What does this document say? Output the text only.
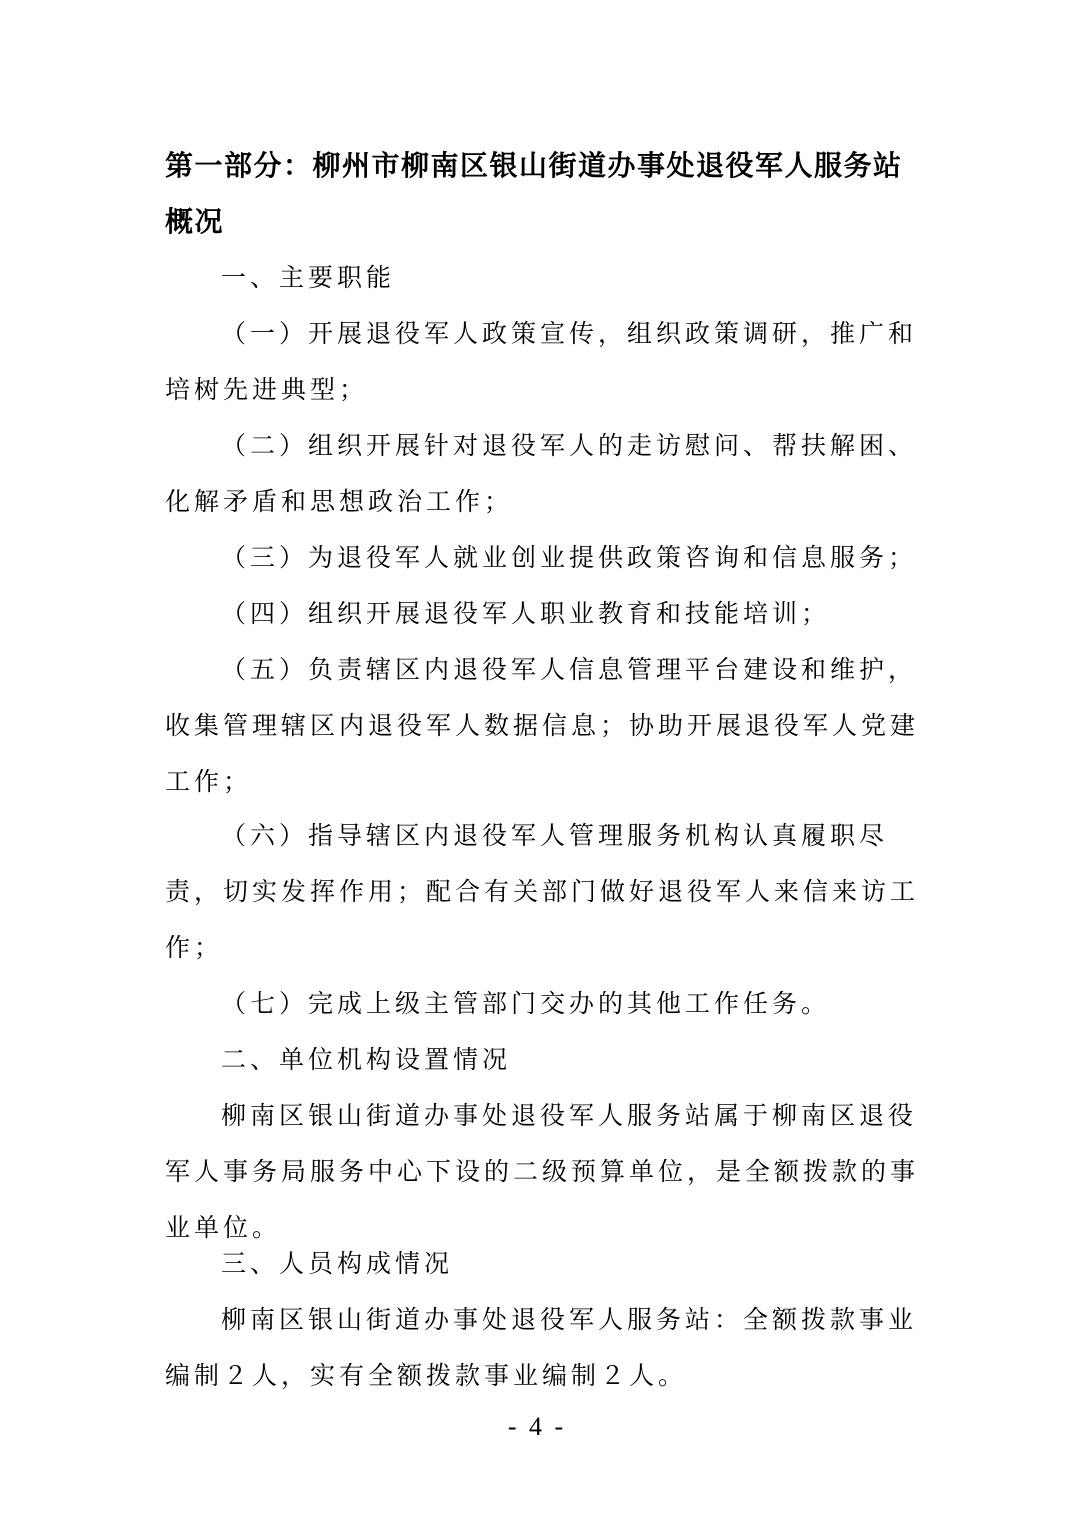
第一部分：柳州市柳南区银山街道办事处退役军人服务站概况

一、主要职能

（一）开展退役军人政策宣传，组织政策调研，推广和培树先进典型；

（二）组织开展针对退役军人的走访慰问、帮扶解困、化解矛盾和思想政治工作；

（三）为退役军人就业创业提供政策咨询和信息服务；

（四）组织开展退役军人职业教育和技能培训；

（五）负责辖区内退役军人信息管理平台建设和维护，收集管理辖区内退役军人数据信息；协助开展退役军人党建工作；

（六）指导辖区内退役军人管理服务机构认真履职尽责，切实发挥作用；配合有关部门做好退役军人来信来访工作；

（七）完成上级主管部门交办的其他工作任务。

二、单位机构设置情况

柳南区银山街道办事处退役军人服务站属于柳南区退役军人事务局服务中心下设的二级预算单位，是全额拨款的事业单位。

三、人员构成情况

柳南区银山街道办事处退役军人服务站：全额拨款事业编制２人，实有全额拨款事业编制２人。

- 4 -
